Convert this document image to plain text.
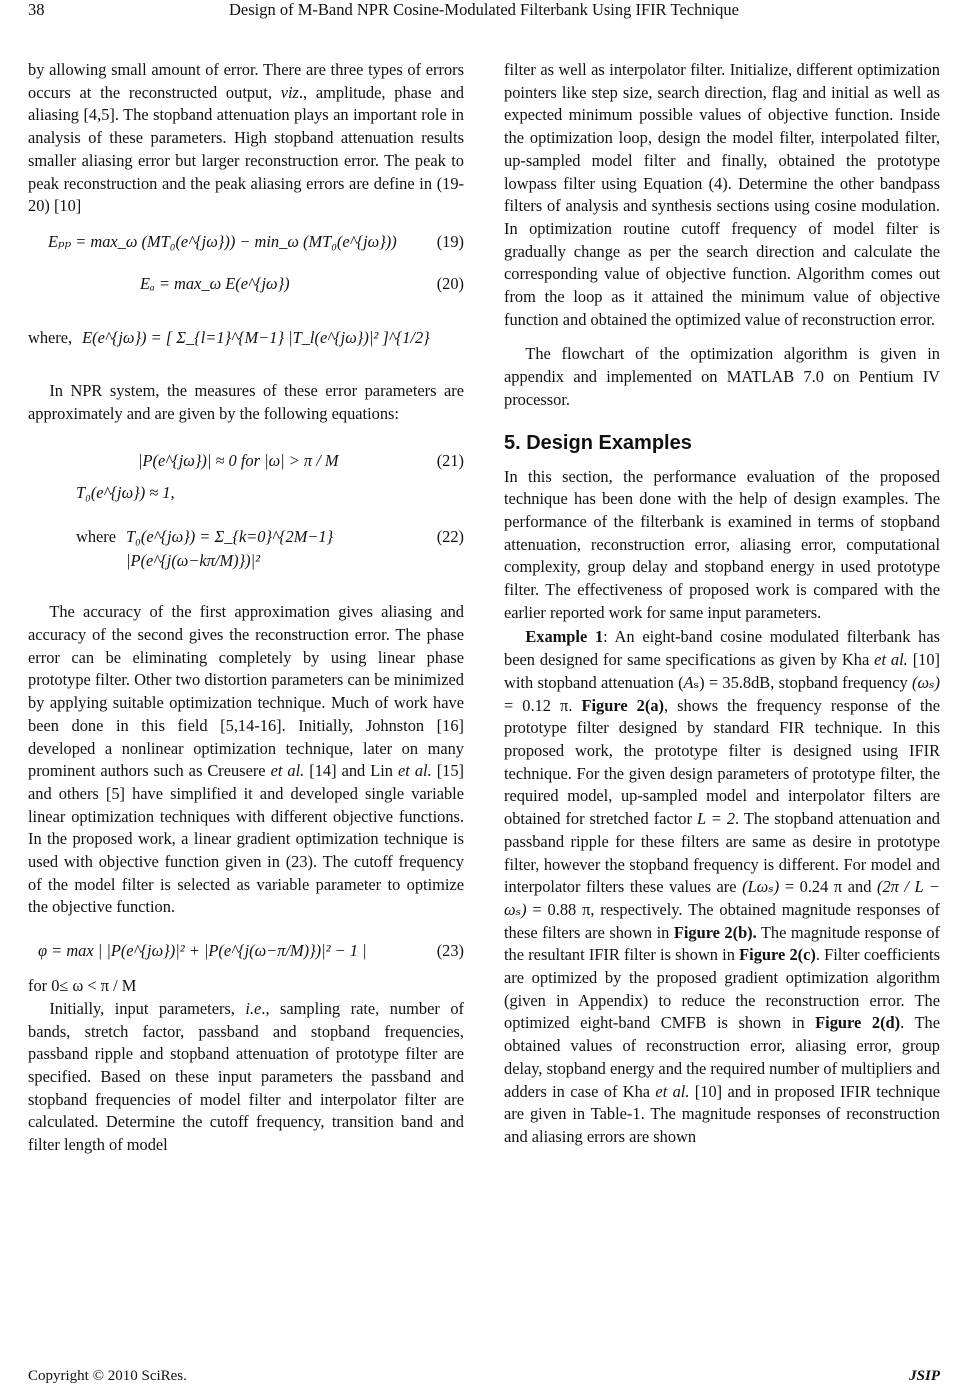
38	Design of M-Band NPR Cosine-Modulated Filterbank Using IFIR Technique

by allowing small amount of error. There are three types of errors occurs at the reconstructed output, viz., amplitude, phase and aliasing [4,5]. The stopband attenuation plays an important role in analysis of these parameters. High stopband attenuation results smaller aliasing error but larger reconstruction error. The peak to peak reconstruction and the peak aliasing errors are define in (19-20) [10]

Eₚₚ = max_ω (MT₀(e^{jω})) − min_ω (MT₀(e^{jω}))	(19)
Eₐ = max_ω E(e^{jω})	(20)
where, E(e^{jω}) = [ Σ_{l=1}^{M−1} |T_l(e^{jω})|² ]^{1/2}

In NPR system, the measures of these error parameters are approximately and are given by the following equations:

|P(e^{jω})| ≈ 0 for |ω| > π / M	(21)
T₀(e^{jω}) ≈ 1,
where T₀(e^{jω}) = Σ_{k=0}^{2M−1} |P(e^{j(ω−kπ/M)})|²
(22)

The accuracy of the first approximation gives aliasing and accuracy of the second gives the reconstruction error. The phase error can be eliminating completely by using linear phase prototype filter. Other two distortion parameters can be minimized by applying suitable optimization technique. Much of work have been done in this field [5,14-16]. Initially, Johnston [16] developed a nonlinear optimization technique, later on many prominent authors such as Creusere et al. [14] and Lin et al. [15] and others [5] have simplified it and developed single variable linear optimization techniques with different objective functions. In the proposed work, a linear gradient optimization technique is used with objective function given in (23). The cutoff frequency of the model filter is selected as variable parameter to optimize the objective function.

φ = max | |P(e^{jω})|² + |P(e^{j(ω−π/M)})|² − 1 |	(23)

for 0≤ ω < π / M

Initially, input parameters, i.e., sampling rate, number of bands, stretch factor, passband and stopband frequencies, passband ripple and stopband attenuation of prototype filter are specified. Based on these input parameters the passband and stopband frequencies of model filter and interpolator filter are calculated. Determine the cutoff frequency, transition band and filter length of model

filter as well as interpolator filter. Initialize, different optimization pointers like step size, search direction, flag and initial as well as expected minimum possible values of objective function. Inside the optimization loop, design the model filter, interpolated filter, up-sampled model filter and finally, obtained the prototype lowpass filter using Equation (4). Determine the other bandpass filters of analysis and synthesis sections using cosine modulation. In optimization routine cutoff frequency of model filter is gradually change as per the search direction and calculate the corresponding value of objective function. Algorithm comes out from the loop as it attained the minimum value of objective function and obtained the optimized value of reconstruction error.

The flowchart of the optimization algorithm is given in appendix and implemented on MATLAB 7.0 on Pentium IV processor.

5. Design Examples

In this section, the performance evaluation of the proposed technique has been done with the help of design examples. The performance of the filterbank is examined in terms of stopband attenuation, reconstruction error, aliasing error, computational complexity, group delay and stopband energy in used prototype filter. The effectiveness of proposed work is compared with the earlier reported work for same input parameters.

Example 1: An eight-band cosine modulated filterbank has been designed for same specifications as given by Kha et al. [10] with stopband attenuation (Aₛ) = 35.8dB, stopband frequency (ωₛ) = 0.12 π. Figure 2(a), shows the frequency response of the prototype filter designed by standard FIR technique. In this proposed work, the prototype filter is designed using IFIR technique. For the given design parameters of prototype filter, the required model, up-sampled model and interpolator filters are obtained for stretched factor L = 2. The stopband attenuation and passband ripple for these filters are same as desire in prototype filter, however the stopband frequency is different. For model and interpolator filters these values are (Lωₛ) = 0.24 π and (2π / L − ωₛ) = 0.88 π, respectively. The obtained magnitude responses of these filters are shown in Figure 2(b). The magnitude response of the resultant IFIR filter is shown in Figure 2(c). Filter coefficients are optimized by the proposed gradient optimization algorithm (given in Appendix) to reduce the reconstruction error. The optimized eight-band CMFB is shown in Figure 2(d). The obtained values of reconstruction error, aliasing error, group delay, stopband energy and the required number of multipliers and adders in case of Kha et al. [10] and in proposed IFIR technique are given in Table-1. The magnitude responses of reconstruction and aliasing errors are shown

Copyright © 2010 SciRes.	JSIP
